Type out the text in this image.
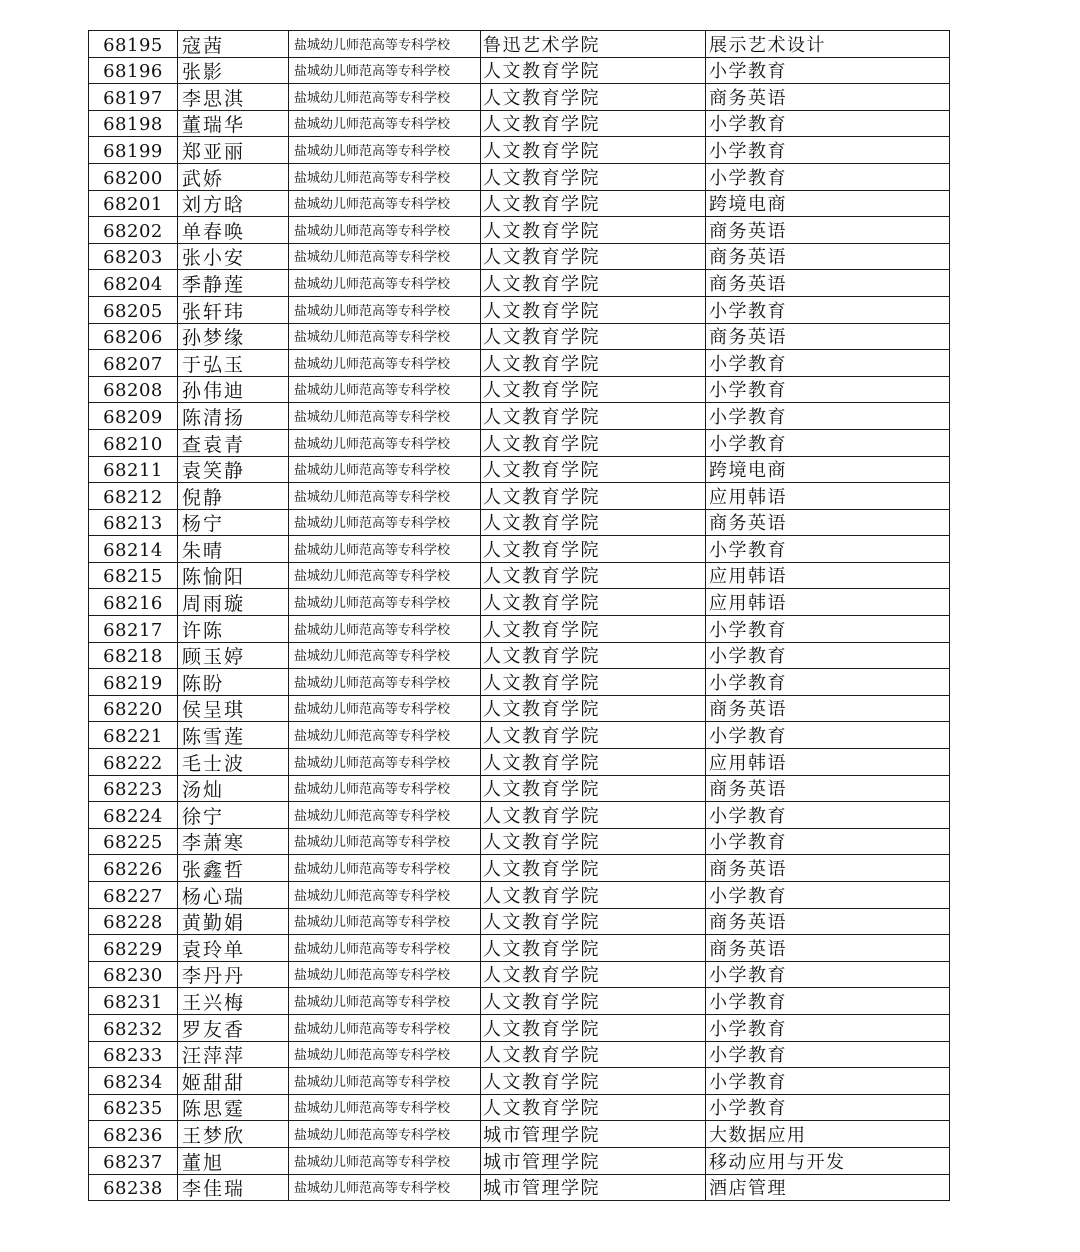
68195	寇茜	盐城幼儿师范高等专科学校	鲁迅艺术学院	展示艺术设计
68196	张影	盐城幼儿师范高等专科学校	人文教育学院	小学教育
68197	李思淇	盐城幼儿师范高等专科学校	人文教育学院	商务英语
68198	董瑞华	盐城幼儿师范高等专科学校	人文教育学院	小学教育
68199	郑亚丽	盐城幼儿师范高等专科学校	人文教育学院	小学教育
68200	武娇	盐城幼儿师范高等专科学校	人文教育学院	小学教育
68201	刘方晗	盐城幼儿师范高等专科学校	人文教育学院	跨境电商
68202	单春唤	盐城幼儿师范高等专科学校	人文教育学院	商务英语
68203	张小安	盐城幼儿师范高等专科学校	人文教育学院	商务英语
68204	季静莲	盐城幼儿师范高等专科学校	人文教育学院	商务英语
68205	张轩玮	盐城幼儿师范高等专科学校	人文教育学院	小学教育
68206	孙梦缘	盐城幼儿师范高等专科学校	人文教育学院	商务英语
68207	于弘玉	盐城幼儿师范高等专科学校	人文教育学院	小学教育
68208	孙伟迪	盐城幼儿师范高等专科学校	人文教育学院	小学教育
68209	陈清扬	盐城幼儿师范高等专科学校	人文教育学院	小学教育
68210	查袁青	盐城幼儿师范高等专科学校	人文教育学院	小学教育
68211	袁笑静	盐城幼儿师范高等专科学校	人文教育学院	跨境电商
68212	倪静	盐城幼儿师范高等专科学校	人文教育学院	应用韩语
68213	杨宁	盐城幼儿师范高等专科学校	人文教育学院	商务英语
68214	朱晴	盐城幼儿师范高等专科学校	人文教育学院	小学教育
68215	陈愉阳	盐城幼儿师范高等专科学校	人文教育学院	应用韩语
68216	周雨璇	盐城幼儿师范高等专科学校	人文教育学院	应用韩语
68217	许陈	盐城幼儿师范高等专科学校	人文教育学院	小学教育
68218	顾玉婷	盐城幼儿师范高等专科学校	人文教育学院	小学教育
68219	陈盼	盐城幼儿师范高等专科学校	人文教育学院	小学教育
68220	侯呈琪	盐城幼儿师范高等专科学校	人文教育学院	商务英语
68221	陈雪莲	盐城幼儿师范高等专科学校	人文教育学院	小学教育
68222	毛士波	盐城幼儿师范高等专科学校	人文教育学院	应用韩语
68223	汤灿	盐城幼儿师范高等专科学校	人文教育学院	商务英语
68224	徐宁	盐城幼儿师范高等专科学校	人文教育学院	小学教育
68225	李萧寒	盐城幼儿师范高等专科学校	人文教育学院	小学教育
68226	张鑫哲	盐城幼儿师范高等专科学校	人文教育学院	商务英语
68227	杨心瑞	盐城幼儿师范高等专科学校	人文教育学院	小学教育
68228	黄勤娟	盐城幼儿师范高等专科学校	人文教育学院	商务英语
68229	袁玲单	盐城幼儿师范高等专科学校	人文教育学院	商务英语
68230	李丹丹	盐城幼儿师范高等专科学校	人文教育学院	小学教育
68231	王兴梅	盐城幼儿师范高等专科学校	人文教育学院	小学教育
68232	罗友香	盐城幼儿师范高等专科学校	人文教育学院	小学教育
68233	汪萍萍	盐城幼儿师范高等专科学校	人文教育学院	小学教育
68234	姬甜甜	盐城幼儿师范高等专科学校	人文教育学院	小学教育
68235	陈思霆	盐城幼儿师范高等专科学校	人文教育学院	小学教育
68236	王梦欣	盐城幼儿师范高等专科学校	城市管理学院	大数据应用
68237	董旭	盐城幼儿师范高等专科学校	城市管理学院	移动应用与开发
68238	李佳瑞	盐城幼儿师范高等专科学校	城市管理学院	酒店管理
